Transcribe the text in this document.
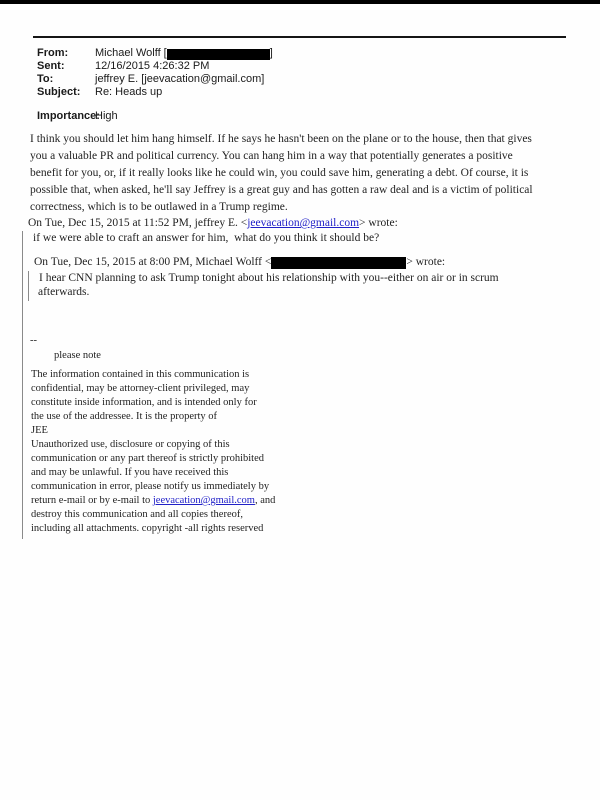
From: Michael Wolff [	]
Sent:	12/16/2015 4:26:32 PM
To:	jeffrey E. [jeevacation@gmail.com]
Subject: Re: Heads up
Importance:
High
I think you should let him hang himself. If he says he hasn't been on the plane or to the house, then that gives
you a valuable PR and political currency. You can hang him in a way that potentially generates a positive
benefit for you, or, if it really looks like he could win, you could save him, generating a debt. Of course, it is
possible that, when asked, he'll say Jeffrey is a great guy and has gotten a raw deal and is a victim of political
correctness, which is to be outlawed in a Trump regime.
On Tue, Dec 15, 2015 at 11:52 PM, jeffrey E. <jeevacation@gmail.com> wrote:
if we were able to craft an answer for him,  what do you think it should be?
On Tue, Dec 15, 2015 at 8:00 PM, Michael Wolff <	> wrote:
I hear CNN planning to ask Trump tonight about his relationship with you--either on air or in scrum
afterwards.
--
please note
The information contained in this communication is
confidential, may be attorney-client privileged, may
constitute inside information, and is intended only for
the use of the addressee. It is the property of
JEE
Unauthorized use, disclosure or copying of this
communication or any part thereof is strictly prohibited
and may be unlawful. If you have received this
communication in error, please notify us immediately by
return e-mail or by e-mail to jeevacation@gmail.com, and
destroy this communication and all copies thereof,
including all attachments. copyright -all rights reserved
